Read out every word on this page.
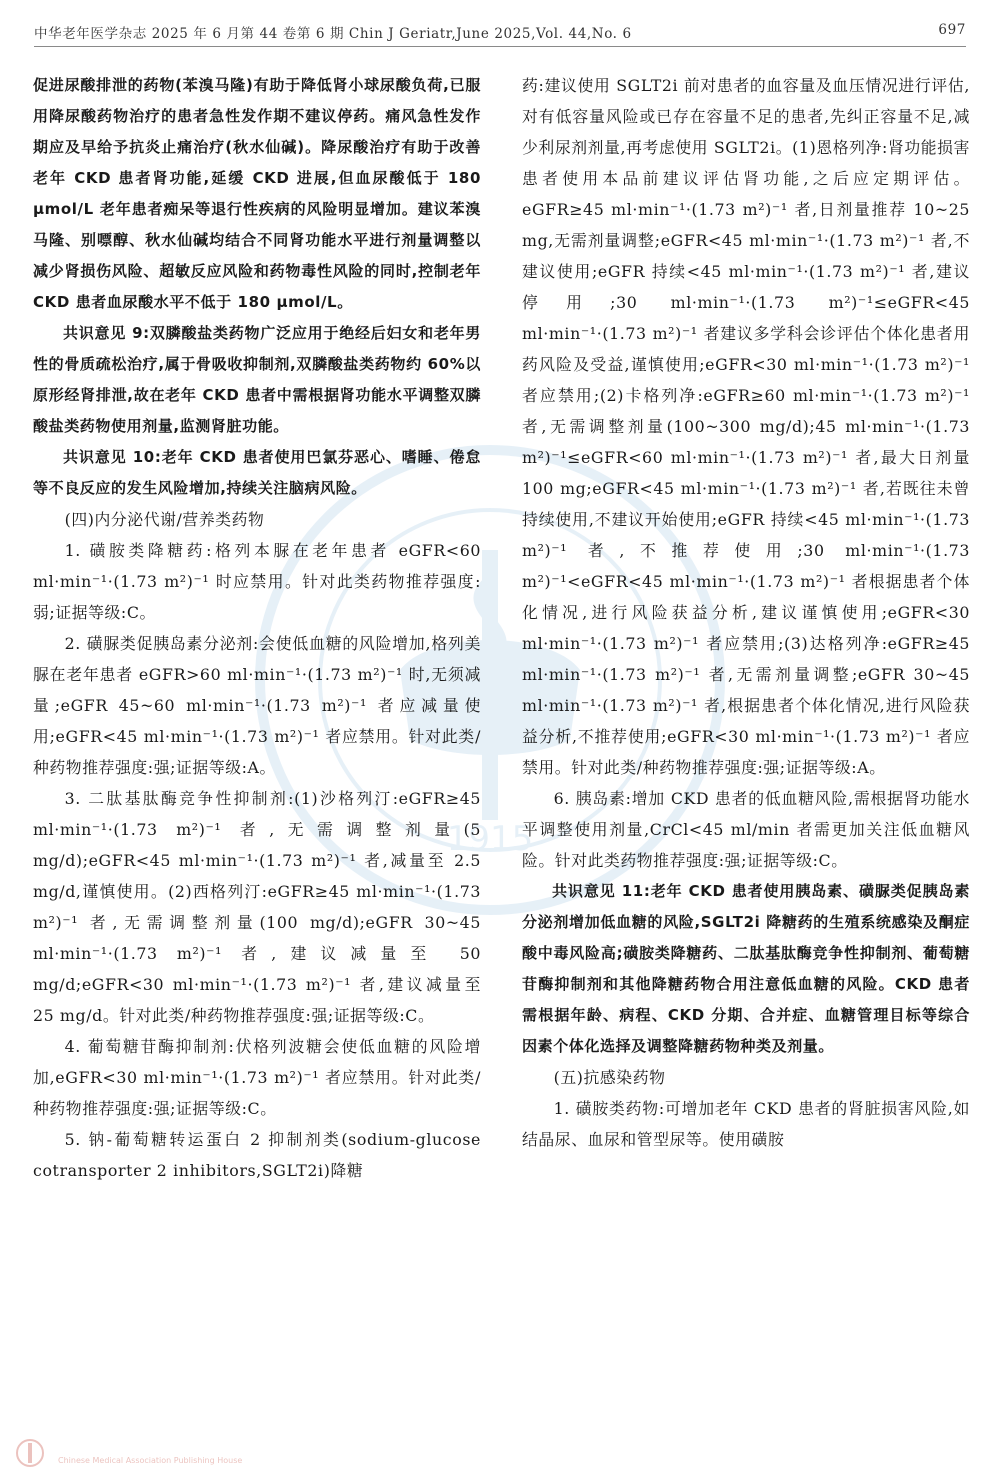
中华老年医学杂志 2025 年 6 月第 44 卷第 6 期 Chin J Geriatr,June 2025,Vol. 44,No. 6	697
1915

促进尿酸排泄的药物(苯溴马隆)有助于降低肾小球尿酸负荷,已服用降尿酸药物治疗的患者急性发作期不建议停药。痛风急性发作期应及早给予抗炎止痛治疗(秋水仙碱)。降尿酸治疗有助于改善老年 CKD 患者肾功能,延缓 CKD 进展,但血尿酸低于 180 μmol/L 老年患者痴呆等退行性疾病的风险明显增加。建议苯溴马隆、别嘌醇、秋水仙碱均结合不同肾功能水平进行剂量调整以减少肾损伤风险、超敏反应风险和药物毒性风险的同时,控制老年 CKD 患者血尿酸水平不低于 180 μmol/L。

共识意见 9:双膦酸盐类药物广泛应用于绝经后妇女和老年男性的骨质疏松治疗,属于骨吸收抑制剂,双膦酸盐类药物约 60%以原形经肾排泄,故在老年 CKD 患者中需根据肾功能水平调整双膦酸盐类药物使用剂量,监测肾脏功能。

共识意见 10:老年 CKD 患者使用巴氯芬恶心、嗜睡、倦怠等不良反应的发生风险增加,持续关注脑病风险。

(四)内分泌代谢/营养类药物

1. 磺胺类降糖药:格列本脲在老年患者 eGFR<60 ml·min⁻¹·(1.73 m²)⁻¹ 时应禁用。针对此类药物推荐强度:弱;证据等级:C。

2. 磺脲类促胰岛素分泌剂:会使低血糖的风险增加,格列美脲在老年患者 eGFR>60 ml·min⁻¹·(1.73 m²)⁻¹ 时,无须减量;eGFR 45~60 ml·min⁻¹·(1.73 m²)⁻¹ 者应减量使用;eGFR<45 ml·min⁻¹·(1.73 m²)⁻¹ 者应禁用。针对此类/种药物推荐强度:强;证据等级:A。

3. 二肽基肽酶竞争性抑制剂:(1)沙格列汀:eGFR≥45 ml·min⁻¹·(1.73 m²)⁻¹ 者,无需调整剂量(5 mg/d);eGFR<45 ml·min⁻¹·(1.73 m²)⁻¹ 者,减量至 2.5 mg/d,谨慎使用。(2)西格列汀:eGFR≥45 ml·min⁻¹·(1.73 m²)⁻¹ 者,无需调整剂量(100 mg/d);eGFR 30~45 ml·min⁻¹·(1.73 m²)⁻¹ 者,建议减量至 50 mg/d;eGFR<30 ml·min⁻¹·(1.73 m²)⁻¹ 者,建议减量至 25 mg/d。针对此类/种药物推荐强度:强;证据等级:C。

4. 葡萄糖苷酶抑制剂:伏格列波糖会使低血糖的风险增加,eGFR<30 ml·min⁻¹·(1.73 m²)⁻¹ 者应禁用。针对此类/种药物推荐强度:强;证据等级:C。

5. 钠-葡萄糖转运蛋白 2 抑制剂类(sodium-glucose cotransporter 2 inhibitors,SGLT2i)降糖

药:建议使用 SGLT2i 前对患者的血容量及血压情况进行评估,对有低容量风险或已存在容量不足的患者,先纠正容量不足,减少利尿剂剂量,再考虑使用 SGLT2i。(1)恩格列净:肾功能损害患者使用本品前建议评估肾功能,之后应定期评估。eGFR≥45 ml·min⁻¹·(1.73 m²)⁻¹ 者,日剂量推荐 10~25 mg,无需剂量调整;eGFR<45 ml·min⁻¹·(1.73 m²)⁻¹ 者,不建议使用;eGFR 持续<45 ml·min⁻¹·(1.73 m²)⁻¹ 者,建议停用;30 ml·min⁻¹·(1.73 m²)⁻¹≤eGFR<45 ml·min⁻¹·(1.73 m²)⁻¹ 者建议多学科会诊评估个体化患者用药风险及受益,谨慎使用;eGFR<30 ml·min⁻¹·(1.73 m²)⁻¹ 者应禁用;(2)卡格列净:eGFR≥60 ml·min⁻¹·(1.73 m²)⁻¹ 者,无需调整剂量(100~300 mg/d);45 ml·min⁻¹·(1.73 m²)⁻¹≤eGFR<60 ml·min⁻¹·(1.73 m²)⁻¹ 者,最大日剂量 100 mg;eGFR<45 ml·min⁻¹·(1.73 m²)⁻¹ 者,若既往未曾持续使用,不建议开始使用;eGFR 持续<45 ml·min⁻¹·(1.73 m²)⁻¹ 者,不推荐使用;30 ml·min⁻¹·(1.73 m²)⁻¹<eGFR<45 ml·min⁻¹·(1.73 m²)⁻¹ 者根据患者个体化情况,进行风险获益分析,建议谨慎使用;eGFR<30 ml·min⁻¹·(1.73 m²)⁻¹ 者应禁用;(3)达格列净:eGFR≥45 ml·min⁻¹·(1.73 m²)⁻¹ 者,无需剂量调整;eGFR 30~45 ml·min⁻¹·(1.73 m²)⁻¹ 者,根据患者个体化情况,进行风险获益分析,不推荐使用;eGFR<30 ml·min⁻¹·(1.73 m²)⁻¹ 者应禁用。针对此类/种药物推荐强度:强;证据等级:A。

6. 胰岛素:增加 CKD 患者的低血糖风险,需根据肾功能水平调整使用剂量,CrCl<45 ml/min 者需更加关注低血糖风险。针对此类药物推荐强度:强;证据等级:C。

共识意见 11:老年 CKD 患者使用胰岛素、磺脲类促胰岛素分泌剂增加低血糖的风险,SGLT2i 降糖药的生殖系统感染及酮症酸中毒风险高;磺胺类降糖药、二肽基肽酶竞争性抑制剂、葡萄糖苷酶抑制剂和其他降糖药物合用注意低血糖的风险。CKD 患者需根据年龄、病程、CKD 分期、合并症、血糖管理目标等综合因素个体化选择及调整降糖药物种类及剂量。

(五)抗感染药物

1. 磺胺类药物:可增加老年 CKD 患者的肾脏损害风险,如结晶尿、血尿和管型尿等。使用磺胺

Chinese Medical Association Publishing House
